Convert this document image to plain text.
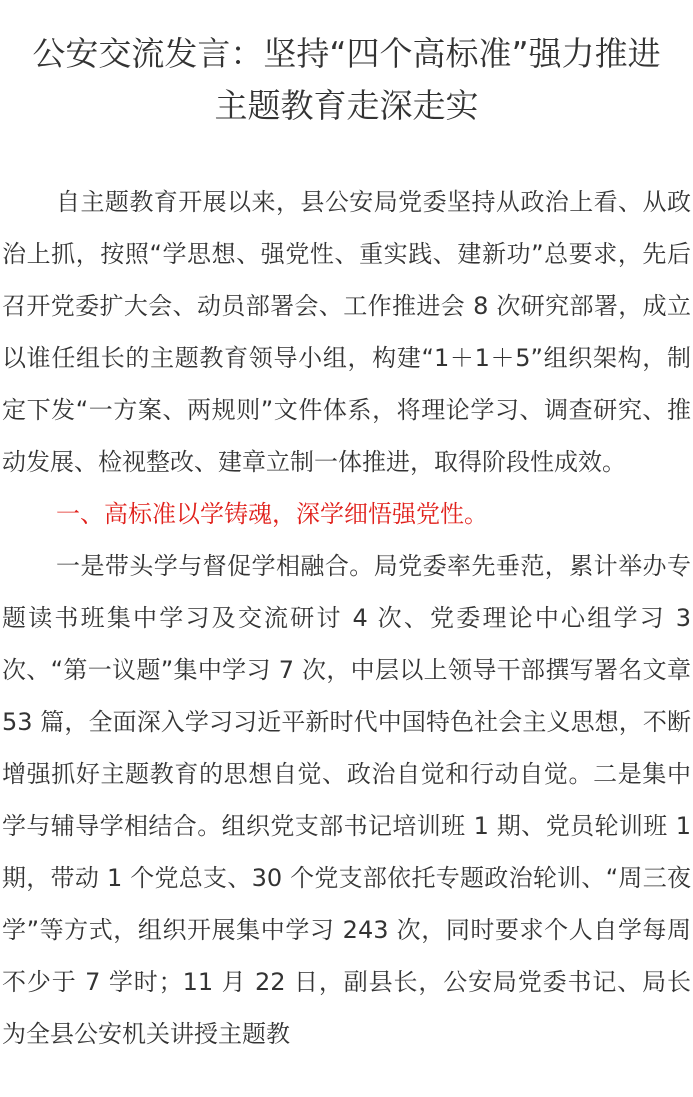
公安交流发言：坚持“四个高标准”强力推进
主题教育走深走实

自主题教育开展以来，县公安局党委坚持从政治上看、从政治上抓，按照“学思想、强党性、重实践、建新功”总要求，先后召开党委扩大会、动员部署会、工作推进会 8 次研究部署，成立以谁任组长的主题教育领导小组，构建“1＋1＋5”组织架构，制定下发“一方案、两规则”文件体系，将理论学习、调查研究、推动发展、检视整改、建章立制一体推进，取得阶段性成效。

一、高标准以学铸魂，深学细悟强党性。

一是带头学与督促学相融合。局党委率先垂范，累计举办专题读书班集中学习及交流研讨 4 次、党委理论中心组学习 3 次、“第一议题”集中学习 7 次，中层以上领导干部撰写署名文章 53 篇，全面深入学习习近平新时代中国特色社会主义思想，不断增强抓好主题教育的思想自觉、政治自觉和行动自觉。二是集中学与辅导学相结合。组织党支部书记培训班 1 期、党员轮训班 1 期，带动 1 个党总支、30 个党支部依托专题政治轮训、“周三夜学”等方式，组织开展集中学习 243 次，同时要求个人自学每周不少于 7 学时；11 月 22 日，副县长，公安局党委书记、局长为全县公安机关讲授主题教
